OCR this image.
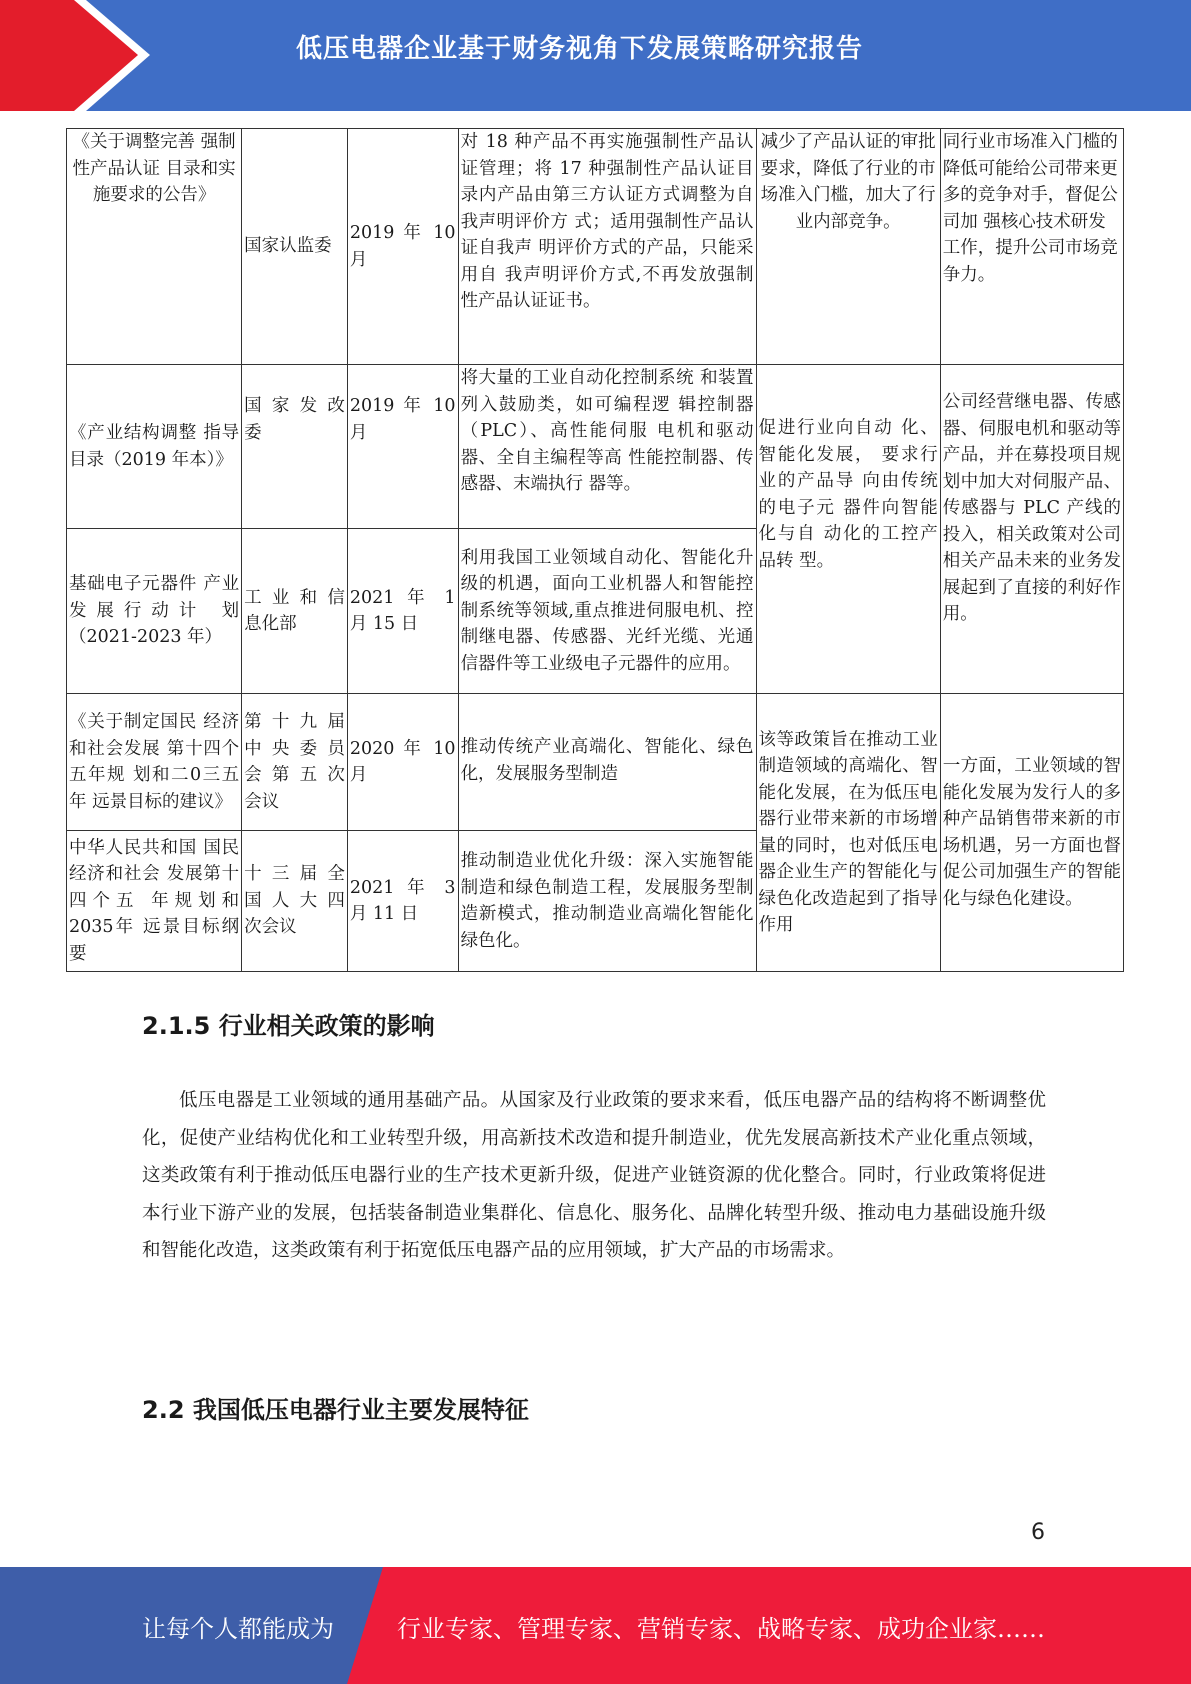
低压电器企业基于财务视角下发展策略研究报告
《关于调整完善 强制性产品认证 目录和实施要求的公告》	国家认监委	2019 年 10 月	对 18 种产品不再实施强制性产品认证管理；将 17 种强制性产品认证目录内产品由第三方认证方式调整为自我声明评价方 式；适用强制性产品认证自我声 明评价方式的产品，只能采用自 我声明评价方式,不再发放强制 性产品认证证书。	减少了产品认证的审批要求，降低了行业的市场准入门槛，加大了行业内部竞争。	同行业市场准入门槛的降低可能给公司带来更多的竞争对手，督促公司加 强核心技术研发工作，提升公司市场竞争力。
《产业结构调整 指导目录（2019 年本）》	国 家 发 改 委	2019 年 10 月	将大量的工业自动化控制系统 和装置列入鼓励类，如可编程逻 辑控制器（PLC）、高性能伺服 电机和驱动器、全自主编程等高 性能控制器、传感器、末端执行 器等。	促进行业向自动 化、智能化发展， 要求行业的产品导 向由传统的电子元 器件向智能化与自 动化的工控产品转 型。	公司经营继电器、传感器、伺服电机和驱动等产品，并在募投项目规划中加大对伺服产品、传感器与 PLC 产线的投入，相关政策对公司相关产品未来的业务发展起到了直接的利好作 用。
基础电子元器件 产业发展行动计 划（2021-2023 年）	工 业 和 信 息化部	2021 年 1 月 15 日	利用我国工业领域自动化、智能化升级的机遇，面向工业机器人和智能控制系统等领域,重点推进伺服电机、控制继电器、传感器、光纤光缆、光通信器件等工业级电子元器件的应用。		
《关于制定国民 经济和社会发展 第十四个五年规 划和二0三五年 远景目标的建议》	第 十 九 届 中 央 委 员 会 第 五 次 会议	2020 年 10 月	推动传统产业高端化、智能化、绿色化，发展服务型制造	该等政策旨在推动工业制造领域的高端化、智能化发展，在为低压电器行业带来新的市场增量的同时，也对低压电器企业生产的智能化与绿色化改造起到了指导作用	一方面，工业领域的智能化发展为发行人的多种产品销售带来新的市场机遇，另一方面也督促公司加强生产的智能化与绿色化建设。
中华人民共和国 国民经济和社会 发展第十四个五 年规划和 2035年 远景目标纲要	十 三 届 全 国 人 大 四 次会议	2021 年 3 月 11 日	推动制造业优化升级：深入实施智能制造和绿色制造工程，发展服务型制造新模式，推动制造业高端化智能化绿色化。		
2.1.5 行业相关政策的影响
低压电器是工业领域的通用基础产品。从国家及行业政策的要求来看，低压电器产品的结构将不断调整优化，促使产业结构优化和工业转型升级，用高新技术改造和提升制造业，优先发展高新技术产业化重点领域，这类政策有利于推动低压电器行业的生产技术更新升级，促进产业链资源的优化整合。同时，行业政策将促进本行业下游产业的发展，包括装备制造业集群化、信息化、服务化、品牌化转型升级、推动电力基础设施升级和智能化改造，这类政策有利于拓宽低压电器产品的应用领域，扩大产品的市场需求。
2.2 我国低压电器行业主要发展特征
6
让每个人都能成为	行业专家、管理专家、营销专家、战略专家、成功企业家……
